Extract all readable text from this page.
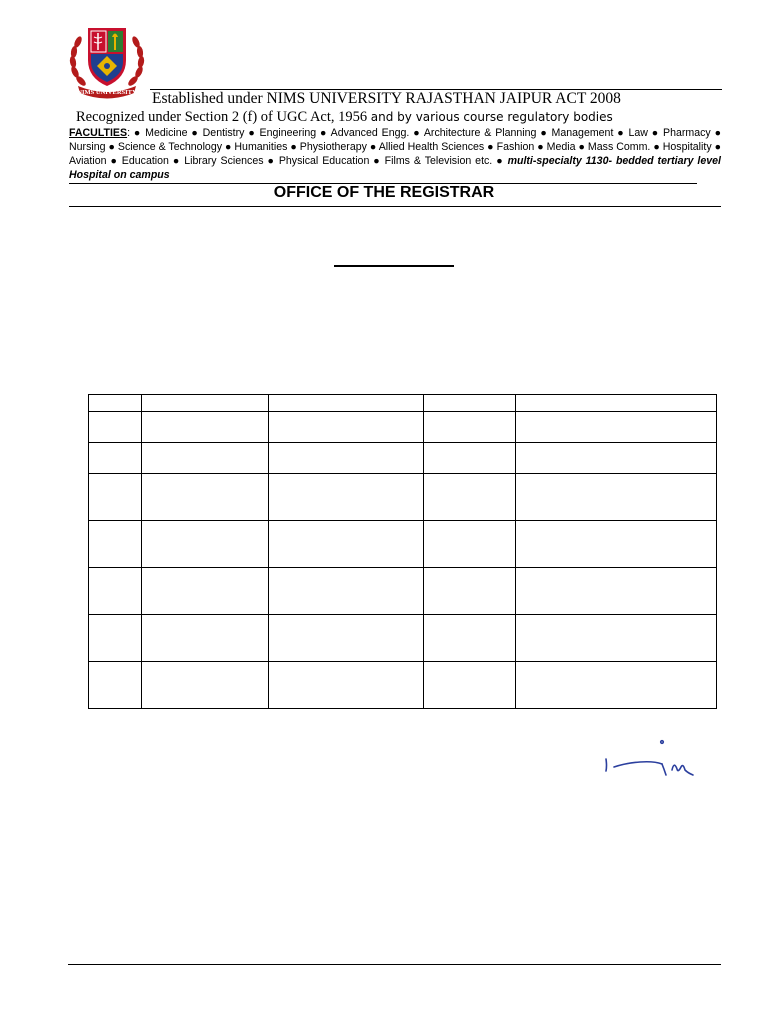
NIMS UNIVERSITY Established under NIMS UNIVERSITY RAJASTHAN JAIPUR ACT 2008
Recognized under Section 2 (f) of UGC Act, 1956 and by various course regulatory bodies
FACULTIES: ● Medicine ● Dentistry ● Engineering ● Advanced Engg. ● Architecture & Planning ● Management ● Law ● Pharmacy ● Nursing ● Science & Technology ● Humanities ● Physiotherapy ● Allied Health Sciences ● Fashion ● Media ● Mass Comm. ● Hospitality ● Aviation ● Education ● Library Sciences ● Physical Education ● Films & Television etc. ● multi-specialty 1130- bedded tertiary level Hospital on campus
OFFICE OF THE REGISTRAR
